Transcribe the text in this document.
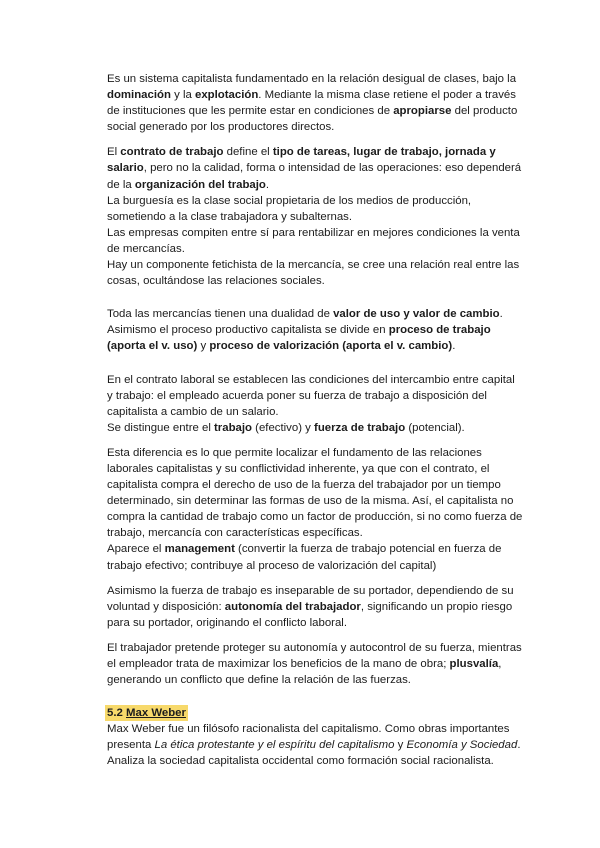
Es un sistema capitalista fundamentado en la relación desigual de clases, bajo la dominación y la explotación. Mediante la misma clase retiene el poder a través de instituciones que les permite estar en condiciones de apropiarse del producto social generado por los productores directos.

El contrato de trabajo define el tipo de tareas, lugar de trabajo, jornada y salario, pero no la calidad, forma o intensidad de las operaciones: eso dependerá de la organización del trabajo.

La burguesía es la clase social propietaria de los medios de producción, sometiendo a la clase trabajadora y subalternas.

Las empresas compiten entre sí para rentabilizar en mejores condiciones la venta de mercancías.

Hay un componente fetichista de la mercancía, se cree una relación real entre las cosas, ocultándose las relaciones sociales.

Toda las mercancías tienen una dualidad de valor de uso y valor de cambio. Asimismo el proceso productivo capitalista se divide en proceso de trabajo (aporta el v. uso) y proceso de valorización (aporta el v. cambio).

En el contrato laboral se establecen las condiciones del intercambio entre capital y trabajo: el empleado acuerda poner su fuerza de trabajo a disposición del capitalista a cambio de un salario.

Se distingue entre el trabajo (efectivo) y fuerza de trabajo (potencial).

Esta diferencia es lo que permite localizar el fundamento de las relaciones laborales capitalistas y su conflictividad inherente, ya que con el contrato, el capitalista compra el derecho de uso de la fuerza del trabajador por un tiempo determinado, sin determinar las formas de uso de la misma. Así, el capitalista no compra la cantidad de trabajo como un factor de producción, si no como fuerza de trabajo, mercancía con características específicas.

Aparece el management (convertir la fuerza de trabajo potencial en fuerza de trabajo efectivo; contribuye al proceso de valorización del capital)

Asimismo la fuerza de trabajo es inseparable de su portador, dependiendo de su voluntad y disposición: autonomía del trabajador, significando un propio riesgo para su portador, originando el conflicto laboral.

El trabajador pretende proteger su autonomía y autocontrol de su fuerza, mientras el empleador trata de maximizar los beneficios de la mano de obra; plusvalía, generando un conflicto que define la relación de las fuerzas.

5.2 Max Weber

Max Weber fue un filósofo racionalista del capitalismo. Como obras importantes presenta La ética protestante y el espíritu del capitalismo y Economía y Sociedad.

Analiza la sociedad capitalista occidental como formación social racionalista.
